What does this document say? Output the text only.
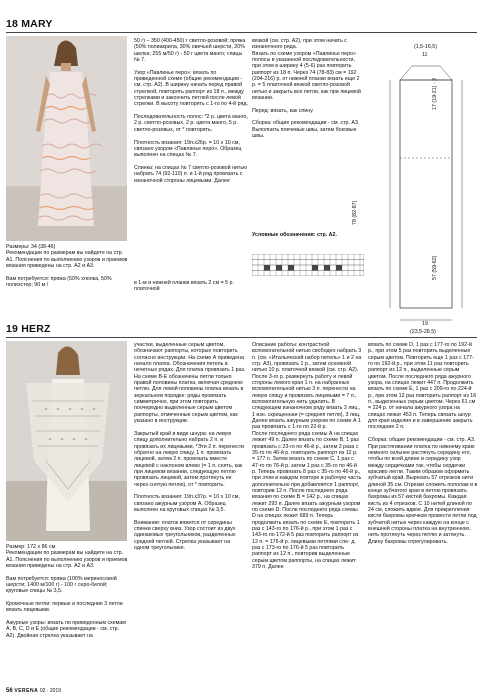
18 MARY
Размеры: 34 (38-46)
Рекомендации по размерам вы найдете на стр. А1. Пояснения по выполнению узоров и приемов вязания приведены на стр. А2 и А3.

Вам потребуется: пряжа (50% хлопка, 50% полиэстер; 90 м /
50 г) – 350 (400-450) г светло-розовой; пряжа (50% полиакрила, 30% овечьей шерсти, 20% шелка; 255 м/50 г) - 50 г цвета манго; спицы № 7.

Узор «Павлинье перо»: вязать по приведенной схеме (общие рекомендации - см. стр. А2). В ширину начать перед правой стрелкой, повторять раппорт из 18 п., между стрелками и закончить петлей после левой стрелки. В высоту повторять с 1-го по 4-й ряд.

Последовательность полос: *2 р. цвета манго, 2 р. светло-розовых, 2 р. цвета манго, 5 р. светло-розовых, от * повторять.

Плотность вязания: 19п.х26р. = 10 х 10 см, связано узором «Павлинье перо». Образец выполнен на спицах № 7.

Спинка: на спицах № 7 светло-розовой нитью набрать 74 (92-110) п. и 1-й ряд провязать с изнаночной стороны лицевыми. Далее
в 1-м и нижней планки вязать 2 см = 5 р. платочной
вязкой (см. стр. А2), при этом начать с изнаночного ряда.
Вязать по схеме узором «Павлинье перо» полосы в указанной последовательности, при этом в ширину 4 (5-6) раз повторить раппорт из 18 п. Через 74 (78-83) см = 192 (204-216) р. от нижней планки вязать еще 2 р. = 5 платочной вязкой светло-розовой нитью и закрыть все петли, как при лицевой вязании.

Перед: вязать, как спину.

Сборка: общие рекомендации - см. стр. А3. Выполнить плечевые швы, затем боковые швы.
(1,5-16,5)
11
17 (19-21) - 2
57 (59-62)
78 (82-87)
19
(23,5-28,5)
Условные обозначения: стр. А2.
19 HERZ
Размер: 172 х 86 см
Рекомендации по размерам вы найдете на стр. А1. Пояснения по выполнению узоров и приемов вязания приведены на стр. А2 и А3.

Вам потребуется: пряжа (100% мериносовой шерсти; 1400 м/100 г) - 100 г серо-белой; круговые спицы № 3,5.

Кромочные петли: первые и последние 3 петли вязать лицевыми.

Ажурные узоры: вязать по приведенным схемам А, В, С, D и E (общие рекомендации - см. стр. А2). Двойная стрелка указывает на
участки, выделенные серым цветом, обозначают раппорты, которые повторить согласно инструкции. На схеме А приведена начало платка. Обозначения петель в нечетных рядах. Для платка провязать 1 раз. На схеме В-E обозначены петли только правой половины платка, включая среднюю петлю. Для левой половины платка вязать в зеркальном порядке: ряды провязать симметрично, при этом повторить поочередно выделенные серым цветом раппорты, отмеченные серым цветом, как указано в инструкции.

Закрытый край в виде шнура: на левую спицу дополнительно набрать 2 п. и провязать их лицевыми. *Эти 2 п. перенести обратно на левую спицу, 1 п. провязать лицевой, затем 2 п. провязать вместе лицевой с наклоном влево (= 1 п. снять, как при лицевом вязании, следующую петлю провязать лицевой, затем протянуть ее через снятую петлю), от * повторить.

Плотность вязания: 19п.х37р. = 10 х 10 см, связано ажурным узором А. Образец выполнен на круговых спицах № 3,5.

Внимание: платок вяжется от середины спинки сверху вниз. Узор состоит из двух одинаковых треугольников, разделенных средней петлей. Стрелка указывает на одном треугольнике.
Описание работы: контрастной вспомогательной нитью свободно набрать 3 п. (см. «Итальянский набор петель» 1 и 2 на стр. А3), провязать 1 р., затем основной нитью 10 р. платочной вязкой (см. стр. А2). После 3-го р. развернуть работу и левой стороны левого края 1 п. на набранных вспомогательной нитью 3 п. перенести на левую спицу и провязать лицевыми = 7 п., вспомогательную нить удалить. В следующем изнаночном ряду вязать 3 лиц., 1 изн. скрещенная (= средняя петля), 3 лиц. Далее вязать ажурным узором по схеме А 1 раз провязать с 1-го по 22-й р.
После последнего ряда схемы А на спицах лежит 49 п. Далее вязать по схеме В, 1 раз провязать с 23-го по 46-й р., затем 2 раза с 35-го по 46-й р. повторить раппорт из 12 р. = 177 п. Затем вязать по схеме С, 1 раз с 47-го по 76-й р. затем 1 раз с 35-го по 46-й р. Теперь провязать 8 раз с 35-го по 46-й р., при этом в каждом повторе в рабочую часть дополнительно при добавляется 1 раппорт, повторив 12 п. После последнего ряда вязания по схеме В = 142 р., на спицах лежит 293 п. Далее вязать ажурным узором по схеме D. После последнего ряда схемы D на спицах лежит 689 п. Теперь продолжить вязать по схеме E, повторить 1 раз с 143-го по 176-й р., при этом 1 раз с 143-го по 172-й 5 раз повторить раппорт из 12 п. = 176-й р. лицевыми петлями сле- д. раз с 173-го по 176-й 5 раз повторить раппорт из 12 п., повторив выделенные серым цветом раппорты, на спицах лежит 379 п. Далее
вязать по схеме D, 1 раз с 177-го по 192-й р., при этом 5 раз повторить выделенные серым цветом. Повторить еще 1 раз с 177-го по 192-й р., при этом 11 раз повторить раппорт из 12 п., выделенные серым цветом. После последнего ряда ажурного узора, на спицах лежит 447 п. Продолжить вязать по схеме E, 1 раз с 209-го по 224-й р., при этом 12 раз повторить раппорт из 16 п., выделенных серым цветом. Через 61 см = 224 р. от начала ажурного узора на спицах лежат 453 п. Теперь связать шнур для края изделия и в завершение закрыть последние 2 п.

Сборка: общие рекомендации - см. стр. А3. При растягивании платка по нижнему краю немного сильнее растянуть середину его, чтобы по всей длине и середину узор между сердечками так, чтобы сердечки красиво легли. Таким образом оформить зубчатый край. Вырезать 57 отрезков нити длиной 35 см. Отрезки сложить пополам и в конце зубчатого края в петлю провязать бахромы из 57 кистей бахромы. Каждая кисть из 4 отрезков. С 10 нитей длиной по 24 см, сложить вдвое. Для прикрепления кисти бахромы крючком провести петли под зубчатой нитью через каждую на конце с внешней стороны платка на внутреннюю, нить протянуть через петлю и затянуть. Длину бахромы отрегулировать.
56 VERENA 02 · 2019
